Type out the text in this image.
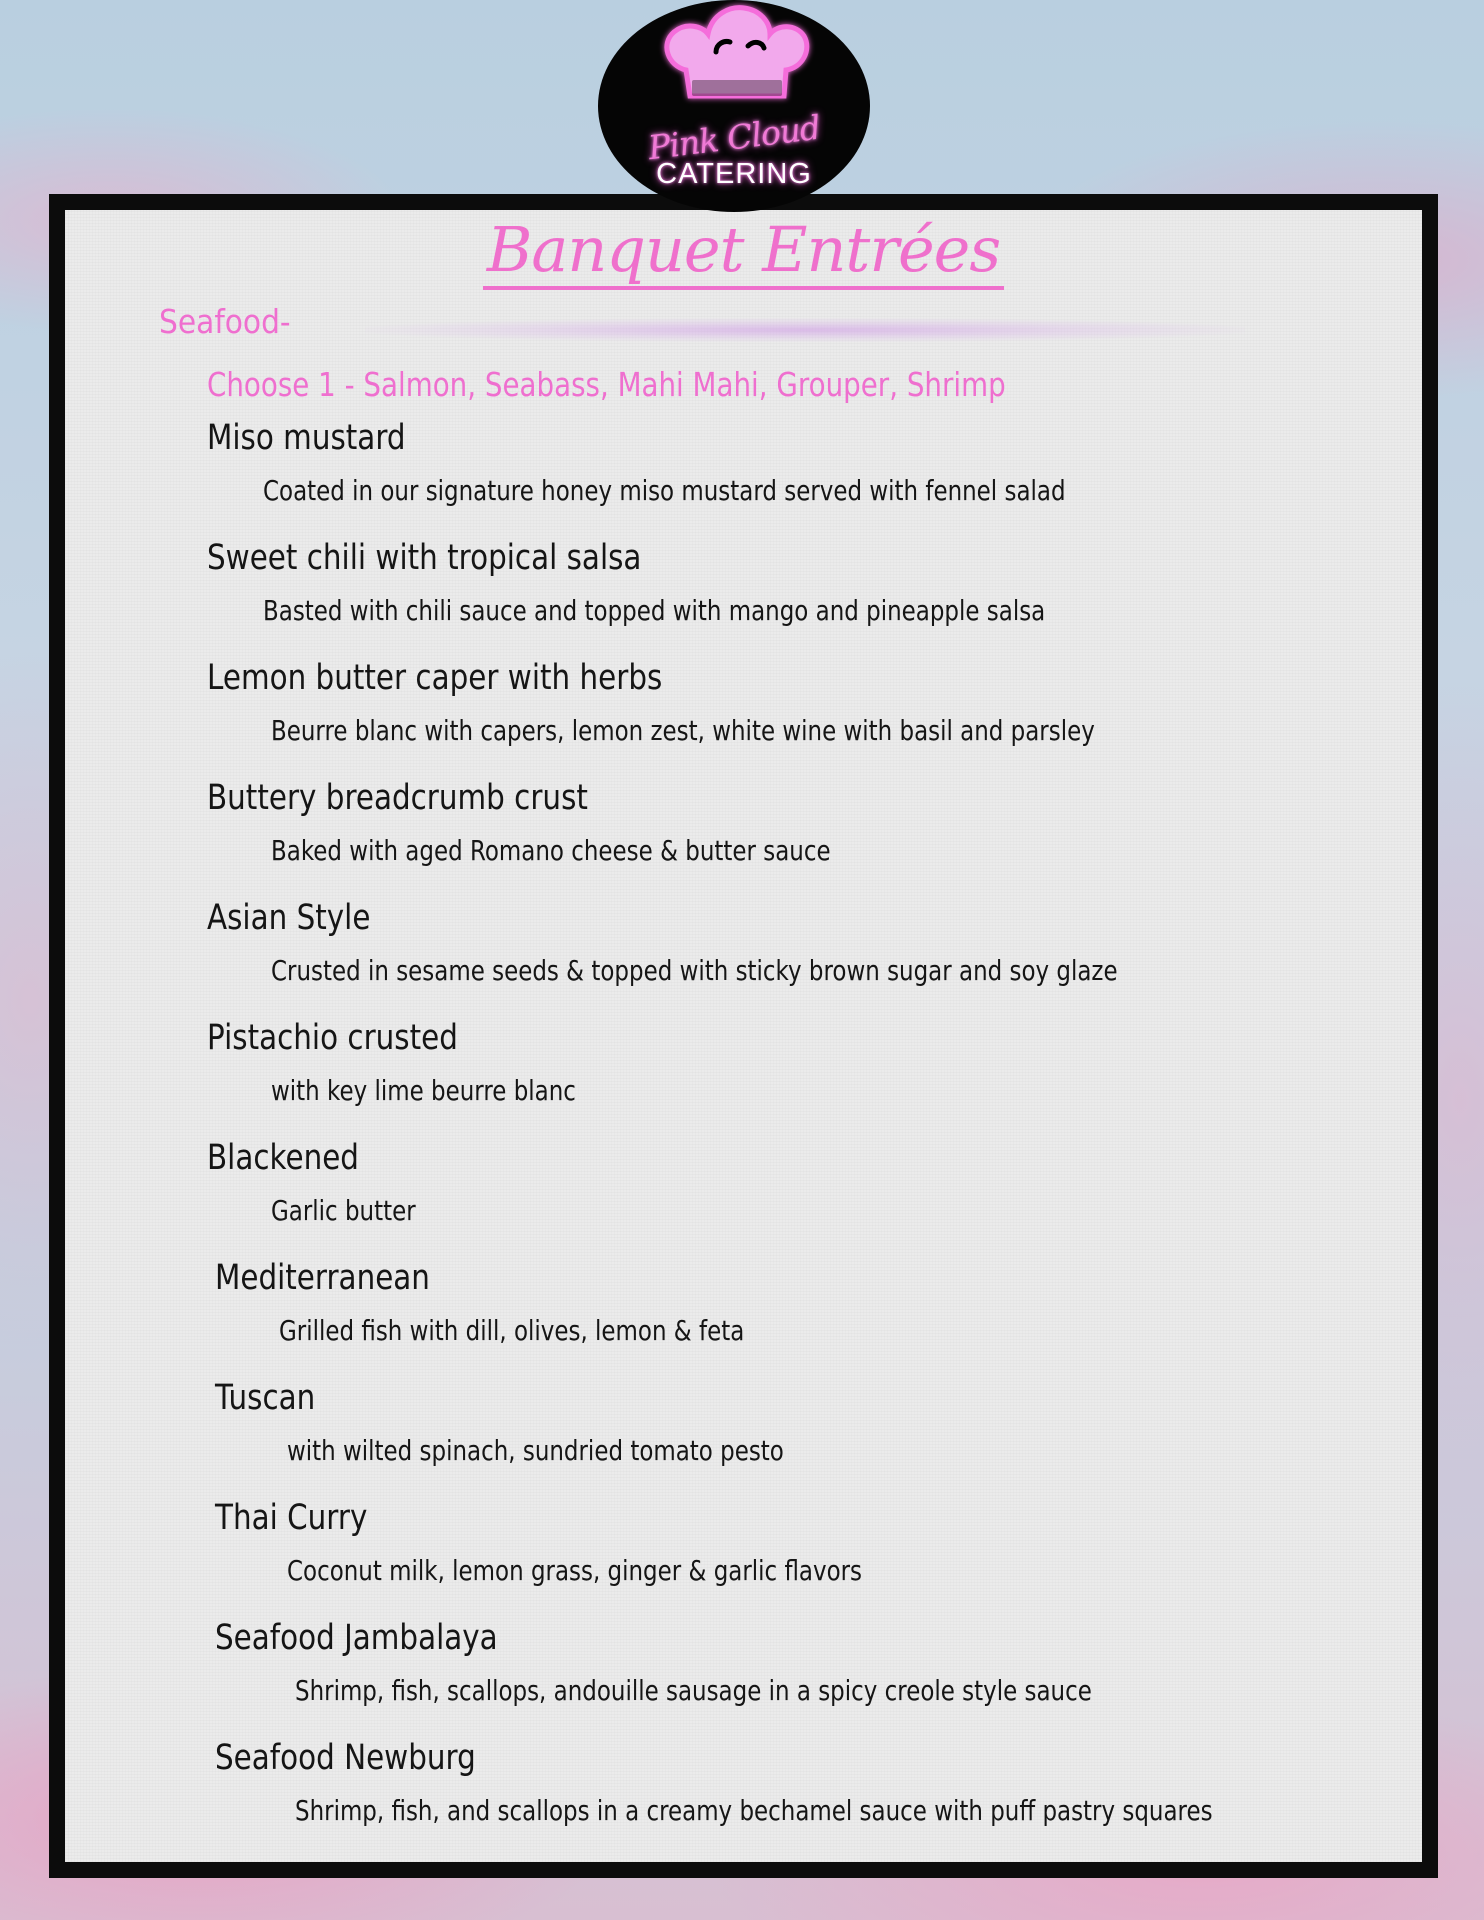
Pink Cloud
CATERING
Banquet Entrées
Seafood-
Choose 1 - Salmon, Seabass, Mahi Mahi, Grouper, Shrimp
Miso mustard
Coated in our signature honey miso mustard served with fennel salad
Sweet chili with tropical salsa
Basted with chili sauce and topped with mango and pineapple salsa
Lemon butter caper with herbs
Beurre blanc with capers, lemon zest, white wine with basil and parsley
Buttery breadcrumb crust
Baked with aged Romano cheese & butter sauce
Asian Style
Crusted in sesame seeds & topped with sticky brown sugar and soy glaze
Pistachio crusted
with key lime beurre blanc
Blackened
Garlic butter
Mediterranean
Grilled fish with dill, olives, lemon & feta
Tuscan
with wilted spinach, sundried tomato pesto
Thai Curry
Coconut milk, lemon grass, ginger & garlic flavors
Seafood Jambalaya
Shrimp, fish, scallops, andouille sausage in a spicy creole style sauce
Seafood Newburg
Shrimp, fish, and scallops in a creamy bechamel sauce with puff pastry squares
